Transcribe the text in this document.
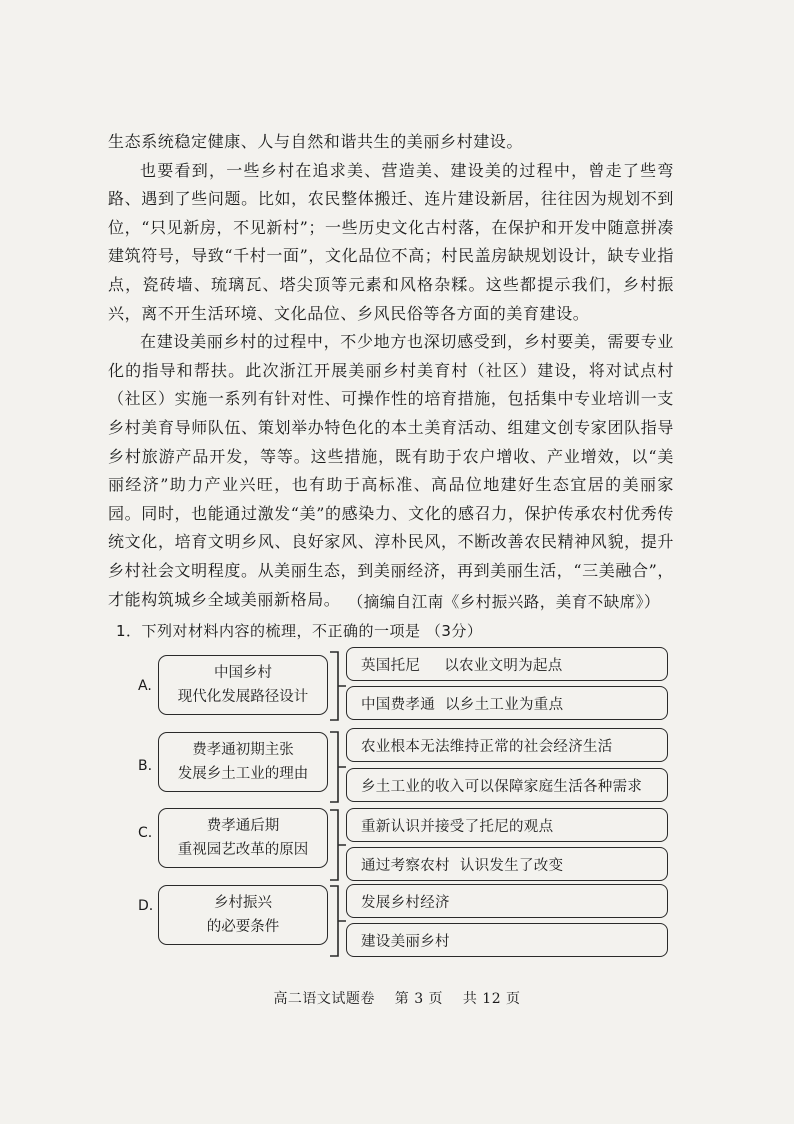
生态系统稳定健康、人与自然和谐共生的美丽乡村建设。

也要看到，一些乡村在追求美、营造美、建设美的过程中，曾走了些弯路、遇到了些问题。比如，农民整体搬迁、连片建设新居，往往因为规划不到位，“只见新房，不见新村”；一些历史文化古村落，在保护和开发中随意拼凑建筑符号，导致“千村一面”，文化品位不高；村民盖房缺规划设计，缺专业指点，瓷砖墙、琉璃瓦、塔尖顶等元素和风格杂糅。这些都提示我们，乡村振兴，离不开生活环境、文化品位、乡风民俗等各方面的美育建设。

在建设美丽乡村的过程中，不少地方也深切感受到，乡村要美，需要专业化的指导和帮扶。此次浙江开展美丽乡村美育村（社区）建设，将对试点村（社区）实施一系列有针对性、可操作性的培育措施，包括集中专业培训一支乡村美育导师队伍、策划举办特色化的本土美育活动、组建文创专家团队指导乡村旅游产品开发，等等。这些措施，既有助于农户增收、产业增效，以“美丽经济”助力产业兴旺，也有助于高标准、高品位地建好生态宜居的美丽家园。同时，也能通过激发“美”的感染力、文化的感召力，保护传承农村优秀传统文化，培育文明乡风、良好家风、淳朴民风，不断改善农民精神风貌，提升乡村社会文明程度。从美丽生态，到美丽经济，再到美丽生活，“三美融合”，才能构筑城乡全域美丽新格局。 （摘编自江南《乡村振兴路，美育不缺席》）
1．下列对材料内容的梳理，不正确的一项是 （3分）
A.
中国乡村
现代化发展路径设计
英国托尼 以农业文明为起点
中国费孝通 以乡土工业为重点
B.
费孝通初期主张
发展乡土工业的理由
农业根本无法维持正常的社会经济生活
乡土工业的收入可以保障家庭生活各种需求
C.	费孝通后期
重视园艺改革的原因
重新认识并接受了托尼的观点
通过考察农村 认识发生了改变
D.	乡村振兴
的必要条件
发展乡村经济
建设美丽乡村
高二语文试题卷    第 3 页    共 12 页
